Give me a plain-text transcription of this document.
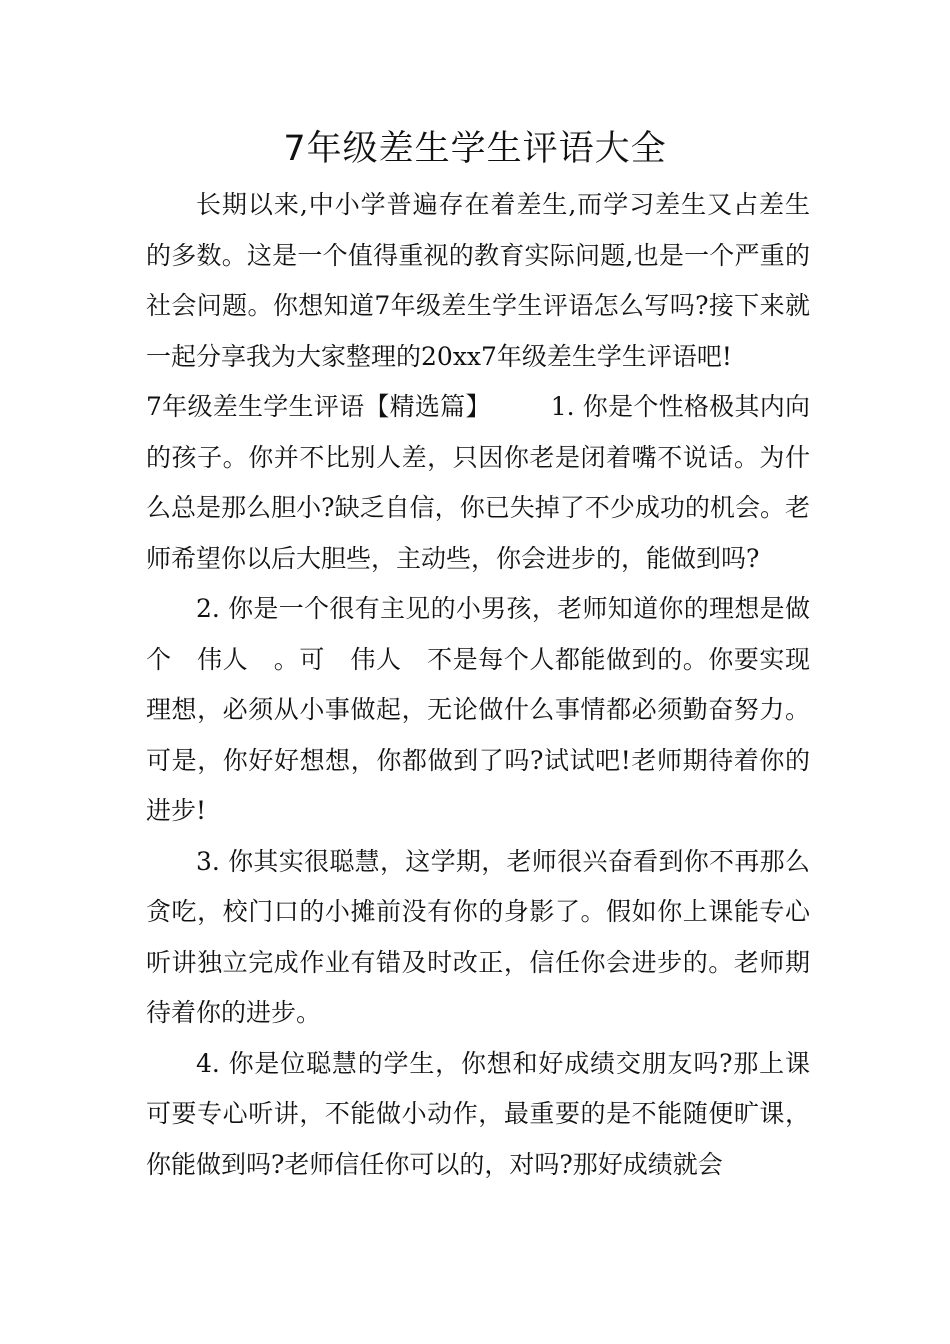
7年级差生学生评语大全

长期以来,中小学普遍存在着差生,而学习差生又占差生的多数。这是一个值得重视的教育实际问题,也是一个严重的社会问题。你想知道7年级差生学生评语怎么写吗?接下来就一起分享我为大家整理的20xx7年级差生学生评语吧!

7年级差生学生评语【精选篇】 1. 你是个性格极其内向的孩子。你并不比别人差，只因你老是闭着嘴不说话。为什么总是那么胆小?缺乏自信，你已失掉了不少成功的机会。老师希望你以后大胆些，主动些，你会进步的，能做到吗?

2. 你是一个很有主见的小男孩，老师知道你的理想是做个　伟人　。可　伟人　不是每个人都能做到的。你要实现理想，必须从小事做起，无论做什么事情都必须勤奋努力。可是，你好好想想，你都做到了吗?试试吧!老师期待着你的进步!

3. 你其实很聪慧，这学期，老师很兴奋看到你不再那么贪吃，校门口的小摊前没有你的身影了。假如你上课能专心听讲独立完成作业有错及时改正，信任你会进步的。老师期待着你的进步。

4. 你是位聪慧的学生，你想和好成绩交朋友吗?那上课可要专心听讲，不能做小动作，最重要的是不能随便旷课，你能做到吗?老师信任你可以的，对吗?那好成绩就会
